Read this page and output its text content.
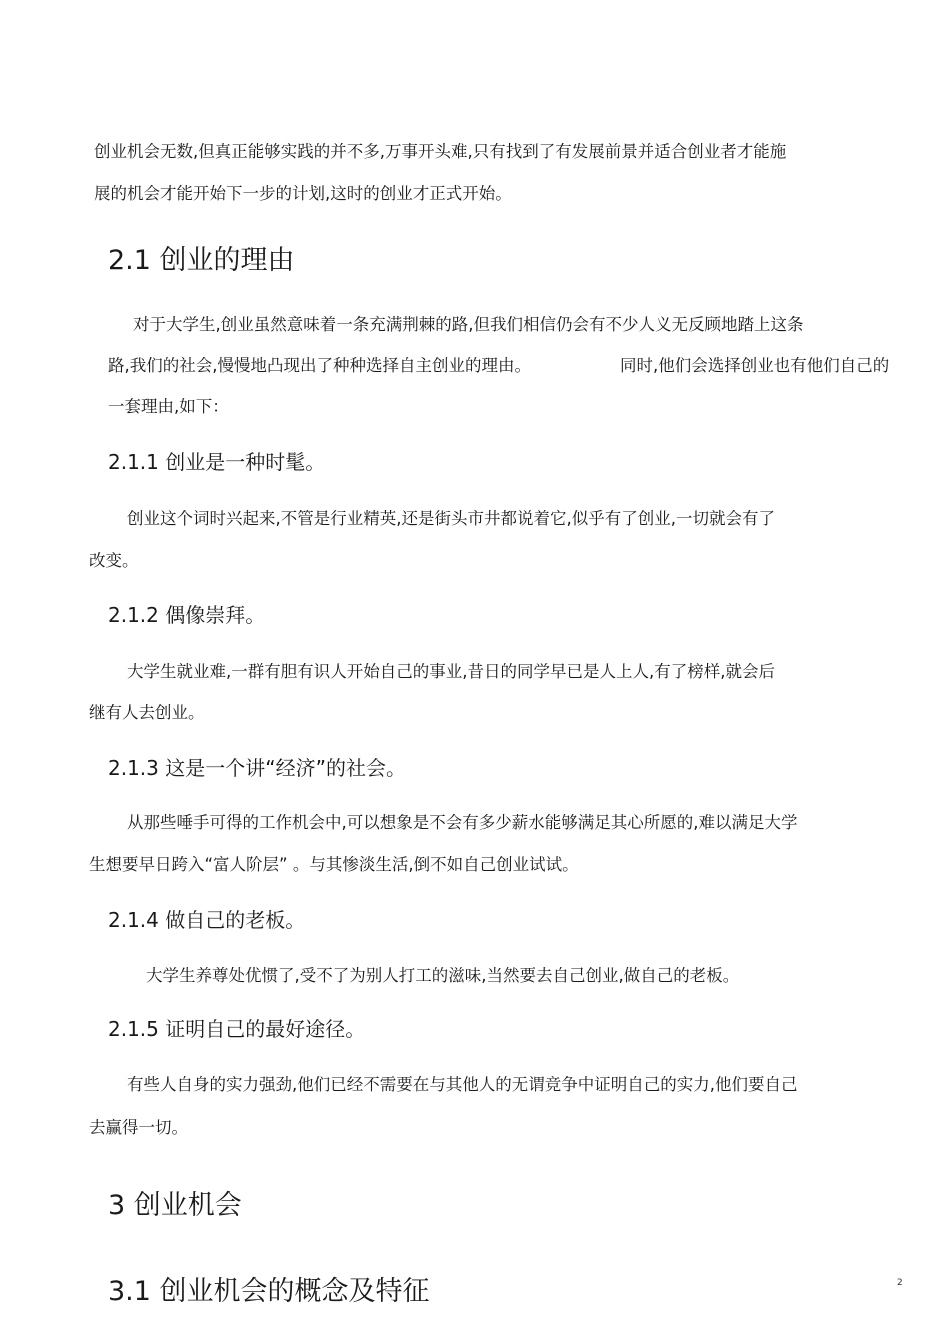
创业机会无数,但真正能够实践的并不多,万事开头难,只有找到了有发展前景并适合创业者才能施
展的机会才能开始下一步的计划,这时的创业才正式开始。
2.1 创业的理由
对于大学生,创业虽然意味着一条充满荆棘的路,但我们相信仍会有不少人义无反顾地踏上这条
路,我们的社会,慢慢地凸现出了种种选择自主创业的理由。	同时,他们会选择创业也有他们自己的
一套理由,如下：
2.1.1 创业是一种时髦。
创业这个词时兴起来,不管是行业精英,还是街头市井都说着它,似乎有了创业,一切就会有了
改变。
2.1.2 偶像崇拜。
大学生就业难,一群有胆有识人开始自己的事业,昔日的同学早已是人上人,有了榜样,就会后
继有人去创业。
2.1.3 这是一个讲“经济”的社会。
从那些唾手可得的工作机会中,可以想象是不会有多少薪水能够满足其心所愿的,难以满足大学
生想要早日跨入“富人阶层” 。与其惨淡生活,倒不如自己创业试试。
2.1.4 做自己的老板。
大学生养尊处优惯了,受不了为别人打工的滋味,当然要去自己创业,做自己的老板。
2.1.5 证明自己的最好途径。
有些人自身的实力强劲,他们已经不需要在与其他人的无谓竞争中证明自己的实力,他们要自己
去赢得一切。
3 创业机会
3.1 创业机会的概念及特征	2
